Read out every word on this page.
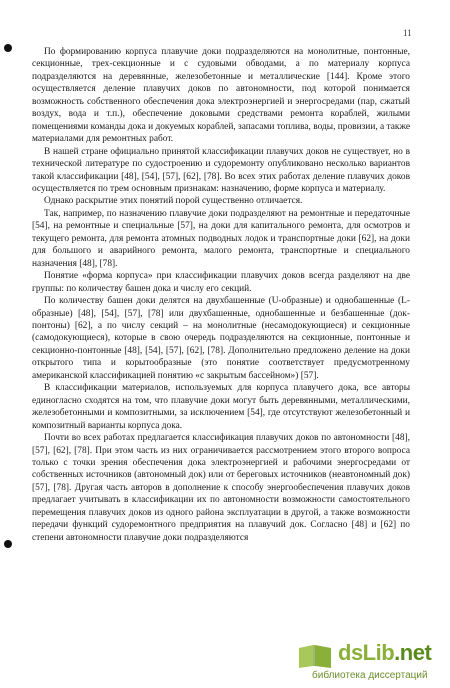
11

По формированию корпуса плавучие доки подразделяются на монолитные, понтонные, секционные, трех-секционные и с судовыми обводами, а по материалу корпуса подразделяются на деревянные, железобетонные и металлические [144]. Кроме этого осуществляется деление плавучих доков по автономности, под которой понимается возможность собственного обеспечения дока электроэнергией и энергосредами (пар, сжатый воздух, вода и т.п.), обеспечение доковыми средствами ремонта кораблей, жилыми помещениями команды дока и докуемых кораблей, запасами топлива, воды, провизии, а также материалами для ремонтных работ.

В нашей стране официально принятой классификации плавучих доков не существует, но в технической литературе по судостроению и судоремонту опубликовано несколько вариантов такой классификации [48], [54], [57], [62], [78]. Во всех этих работах деление плавучих доков осуществляется по трем основным признакам: назначению, форме корпуса и материалу.

Однако раскрытие этих понятий порой существенно отличается.

Так, например, по назначению плавучие доки подразделяют на ремонтные и передаточные [54], на ремонтные и специальные [57], на доки для капитального ремонта, для осмотров и текущего ремонта, для ремонта атомных подводных лодок и транспортные доки [62], на доки для большого и аварийного ремонта, малого ремонта, транспортные и специального назначения [48], [78].

Понятие «форма корпуса» при классификации плавучих доков всегда разделяют на две группы: по количеству башен дока и числу его секций.

По количеству башен доки делятся на двухбашенные (U-образные) и однобашенные (L-образные) [48], [54], [57], [78] или двухбашенные, однобашенные и безбашенные (док-понтоны) [62], а по числу секций – на монолитные (несамодокующиеся) и секционные (самодокующиеся), которые в свою очередь подразделяются на секционные, понтонные и секционно-понтонные [48], [54], [57], [62], [78]. Дополнительно предложено деление на доки открытого типа и корытообразные (это понятие соответствует предусмотренному американской классификацией понятию «с закрытым бассейном») [57].

В классификации материалов, используемых для корпуса плавучего дока, все авторы единогласно сходятся на том, что плавучие доки могут быть деревянными, металлическими, железобетонными и композитными, за исключением [54], где отсутствуют железобетонный и композитный варианты корпуса дока.

Почти во всех работах предлагается классификация плавучих доков по автономности [48], [57], [62], [78]. При этом часть из них ограничивается рассмотрением этого второго вопроса только с точки зрения обеспечения дока электроэнергией и рабочими энергосредами от собственных источников (автономный док) или от береговых источников (неавтономный док) [57], [78]. Другая часть авторов в дополнение к способу энергообеспечения плавучих доков предлагает учитывать в классификации их по автономности возможности самостоятельного перемещения плавучих доков из одного района эксплуатации в другой, а также возможности передачи функций судоремонтного предприятия на плавучий док. Согласно [48] и [62] по степени автономности плавучие доки подразделяются

dsLib.net
библиотека диссертаций
